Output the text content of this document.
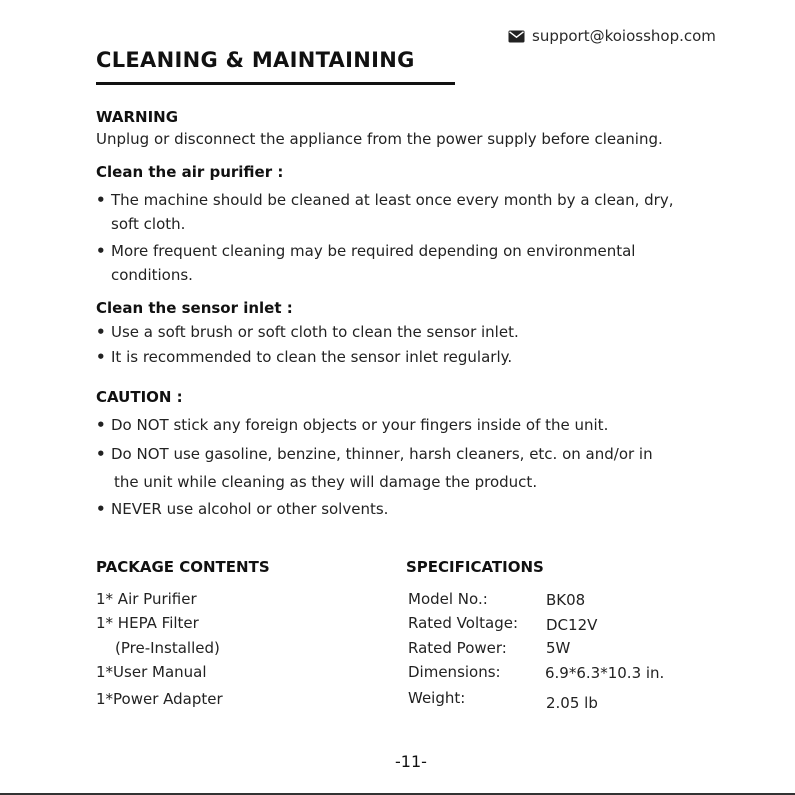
support@koiosshop.com
CLEANING & MAINTAINING
WARNING
Unplug or disconnect the appliance from the power supply before cleaning.
Clean the air purifier :
• The machine should be cleaned at least once every month by a clean, dry,
soft cloth.
• More frequent cleaning may be required depending on environmental
conditions.
Clean the sensor inlet :
• Use a soft brush or soft cloth to clean the sensor inlet.
• It is recommended to clean the sensor inlet regularly.
CAUTION :
• Do NOT stick any foreign objects or your fingers inside of the unit.
• Do NOT use gasoline, benzine, thinner, harsh cleaners, etc. on and/or in
the unit while cleaning as they will damage the product.
• NEVER use alcohol or other solvents.
PACKAGE CONTENTS
1* Air Purifier
1* HEPA Filter
(Pre-Installed)
1*User Manual
1*Power Adapter
SPECIFICATIONS
Model No.:	BK08
Rated Voltage: DC12V
Rated Power:	5W
Dimensions:	6.9*6.3*10.3 in.
Weight:	2.05 lb
-11-
